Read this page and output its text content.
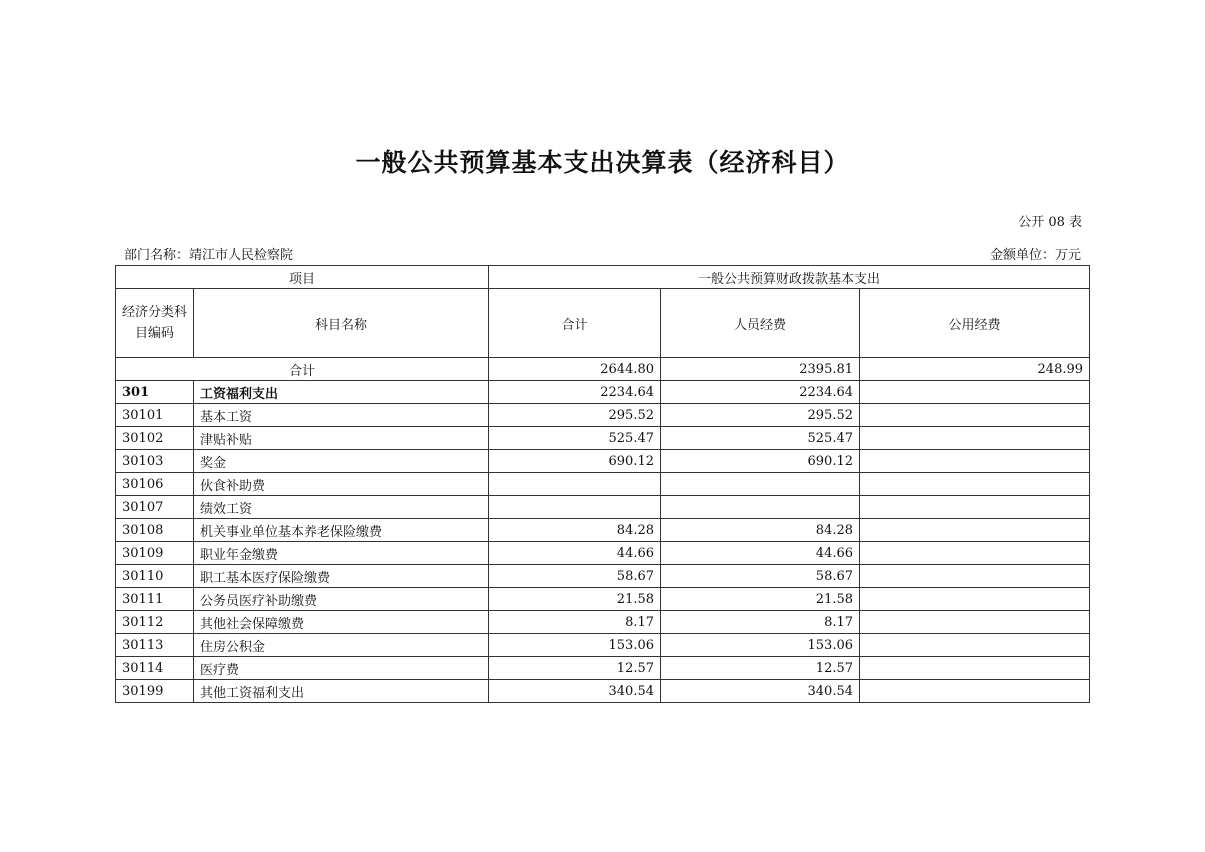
一般公共预算基本支出决算表（经济科目）
公开 08 表
部门名称：靖江市人民检察院	金额单位：万元
项目		一般公共预算财政拨款基本支出		
经济分类科目编码	科目名称	合计	人员经费	公用经费
合计		2644.80	2395.81	248.99
301	工资福利支出	2234.64	2234.64	
30101	基本工资	295.52	295.52	
30102	津贴补贴	525.47	525.47	
30103	奖金	690.12	690.12	
30106	伙食补助费			
30107	绩效工资			
30108	机关事业单位基本养老保险缴费	84.28	84.28	
30109	职业年金缴费	44.66	44.66	
30110	职工基本医疗保险缴费	58.67	58.67	
30111	公务员医疗补助缴费	21.58	21.58	
30112	其他社会保障缴费	8.17	8.17	
30113	住房公积金	153.06	153.06	
30114	医疗费	12.57	12.57	
30199	其他工资福利支出	340.54	340.54	
